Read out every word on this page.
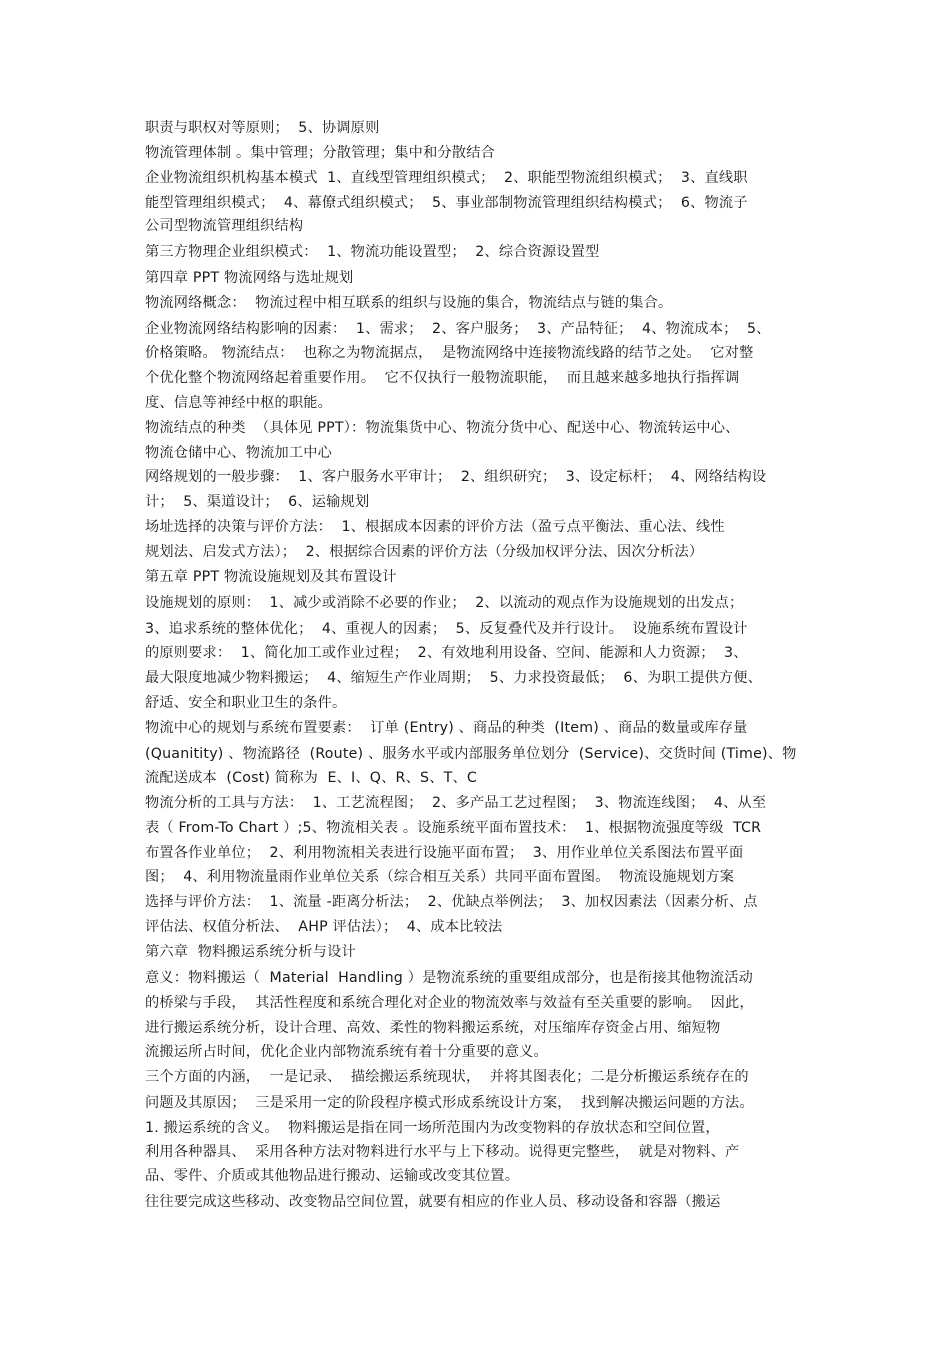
职责与职权对等原则；  5、协调原则

物流管理体制 。集中管理；分散管理；集中和分散结合

企业物流组织机构基本模式  1、直线型管理组织模式；  2、职能型物流组织模式；  3、直线职

能型管理组织模式；  4、幕僚式组织模式；  5、事业部制物流管理组织结构模式；  6、物流子

公司型物流管理组织结构

第三方物理企业组织模式：  1、物流功能设置型；  2、综合资源设置型

第四章 PPT 物流网络与选址规划

物流网络概念：  物流过程中相互联系的组织与设施的集合，物流结点与链的集合。

企业物流网络结构影响的因素：  1、需求；  2、客户服务；  3、产品特征；  4、物流成本；  5、

价格策略。 物流结点：  也称之为物流据点，  是物流网络中连接物流线路的结节之处。  它对整

个优化整个物流网络起着重要作用。  它不仅执行一般物流职能，  而且越来越多地执行指挥调

度、信息等神经中枢的职能。

物流结点的种类  （具体见 PPT）：物流集货中心、物流分货中心、配送中心、物流转运中心、

物流仓储中心、物流加工中心

网络规划的一般步骤：  1、客户服务水平审计；  2、组织研究；  3、设定标杆；  4、网络结构设

计；  5、渠道设计；  6、运输规划

场址选择的决策与评价方法：  1、根据成本因素的评价方法（盈亏点平衡法、重心法、线性

规划法、启发式方法）；  2、根据综合因素的评价方法（分级加权评分法、因次分析法）

第五章 PPT 物流设施规划及其布置设计

设施规划的原则：  1、减少或消除不必要的作业；  2、以流动的观点作为设施规划的出发点；

3、追求系统的整体优化；  4、重视人的因素；  5、反复叠代及并行设计。  设施系统布置设计

的原则要求：  1、简化加工或作业过程；  2、有效地利用设备、空间、能源和人力资源；  3、

最大限度地减少物料搬运；  4、缩短生产作业周期；  5、力求投资最低；  6、为职工提供方便、

舒适、安全和职业卫生的条件。

物流中心的规划与系统布置要素：  订单 (Entry) 、商品的种类  (Item) 、商品的数量或库存量

(Quanitity) 、物流路径  (Route) 、服务水平或内部服务单位划分  (Service)、交货时间 (Time)、物

流配送成本  (Cost) 简称为  E、I、Q、R、S、T、C

物流分析的工具与方法：  1、工艺流程图；  2、多产品工艺过程图；  3、物流连线图；  4、从至

表（ From-To Chart ）;5、物流相关表 。设施系统平面布置技术：  1、根据物流强度等级  TCR

布置各作业单位；  2、利用物流相关表进行设施平面布置；  3、用作业单位关系图法布置平面

图；  4、利用物流量雨作业单位关系（综合相互关系）共同平面布置图。  物流设施规划方案

选择与评价方法：  1、流量 -距离分析法；  2、优缺点举例法；  3、加权因素法（因素分析、点

评估法、权值分析法、  AHP 评估法）；  4、成本比较法

第六章  物料搬运系统分析与设计

意义：物料搬运（  Material  Handling ）是物流系统的重要组成部分，也是衔接其他物流活动

的桥梁与手段，  其活性程度和系统合理化对企业的物流效率与效益有至关重要的影响。  因此，

进行搬运系统分析，设计合理、高效、柔性的物料搬运系统，对压缩库存资金占用、缩短物

流搬运所占时间，优化企业内部物流系统有着十分重要的意义。

三个方面的内涵，  一是记录、  描绘搬运系统现状，  并将其图表化；二是分析搬运系统存在的

问题及其原因；  三是采用一定的阶段程序模式形成系统设计方案，  找到解决搬运问题的方法。

1. 搬运系统的含义。  物料搬运是指在同一场所范围内为改变物料的存放状态和空间位置，

利用各种器具、  采用各种方法对物料进行水平与上下移动。说得更完整些，  就是对物料、产

品、零件、介质或其他物品进行搬动、运输或改变其位置。

往往要完成这些移动、改变物品空间位置，就要有相应的作业人员、移动设备和容器（搬运
